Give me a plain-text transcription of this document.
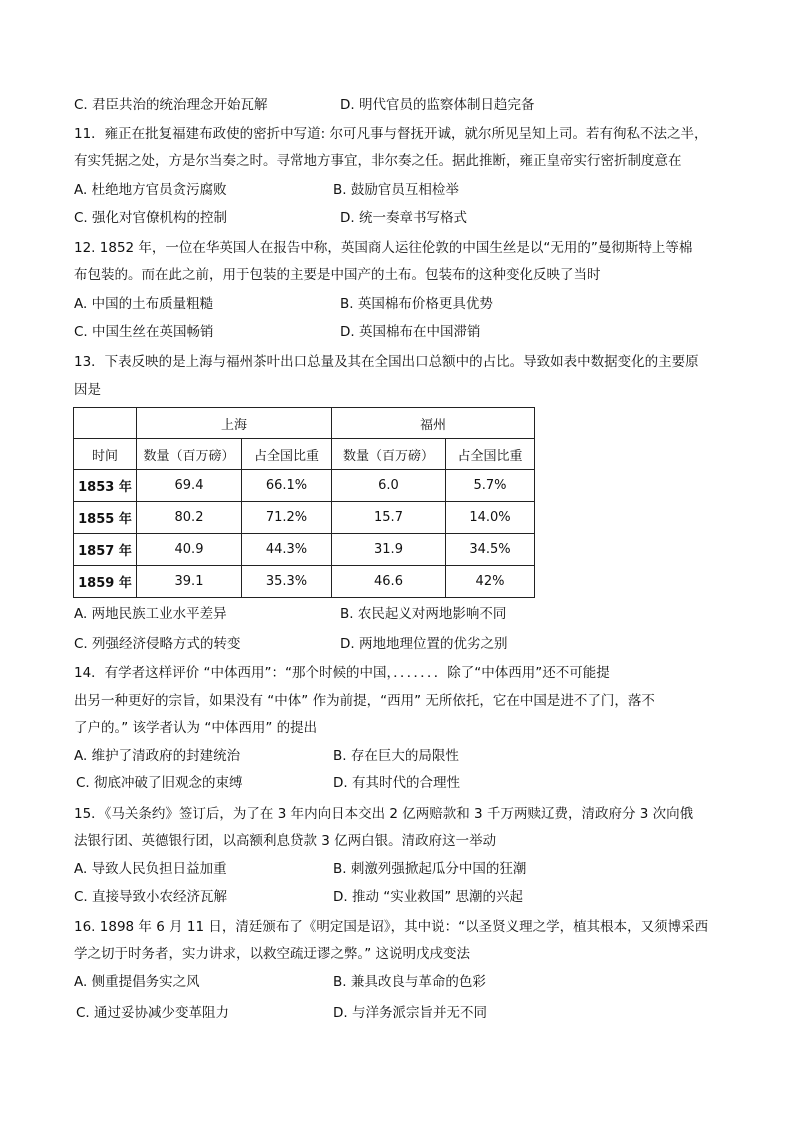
C. 君臣共治的统治理念开始瓦解	D. 明代官员的监察体制日趋完备
11．雍正在批复福建布政使的密折中写道: 尔可凡事与督抚开诚，就尔所见呈知上司。若有徇私不法之半，
有实凭据之处，方是尔当奏之时。寻常地方事宜，非尔奏之任。据此推断，雍正皇帝实行密折制度意在
A. 杜绝地方官员贪污腐败	B. 鼓励官员互相检举
C. 强化对官僚机构的控制	D. 统一奏章书写格式
12. 1852 年，一位在华英国人在报告中称，英国商人运往伦敦的中国生丝是以“无用的”曼彻斯特上等棉
布包装的。而在此之前，用于包装的主要是中国产的土布。包装布的这种变化反映了当时
A. 中国的土布质量粗糙	B. 英国棉布价格更具优势
C. 中国生丝在英国畅销	D. 英国棉布在中国滞销
13．下表反映的是上海与福州茶叶出口总量及其在全国出口总额中的占比。导致如表中数据变化的主要原
因是
	上海		福州	
时间	数量（百万磅）	占全国比重	数量（百万磅）	占全国比重
1853 年	69.4	66.1%	6.0	5.7%
1855 年	80.2	71.2%	15.7	14.0%
1857 年	40.9	44.3%	31.9	34.5%
1859 年	39.1	35.3%	46.6	42%
A. 两地民族工业水平差异	B. 农民起义对两地影响不同
C. 列强经济侵略方式的转变	D. 两地地理位置的优劣之别
14．有学者这样评价 “中体西用”：“那个时候的中国，．．．．．．．除了“中体西用”还不可能提
出另一种更好的宗旨，如果没有 “中体” 作为前提，“西用” 无所依托，它在中国是进不了门，落不
了户的。” 该学者认为 “中体西用” 的提出
A. 维护了清政府的封建统治	B. 存在巨大的局限性
C. 彻底冲破了旧观念的束缚	D. 有其时代的合理性
15．《马关条约》签订后，为了在 3 年内向日本交出 2 亿两赔款和 3 千万两赎辽费，清政府分 3 次向俄
法银行团、英德银行团，以高额利息贷款 3 亿两白银。清政府这一举动
A. 导致人民负担日益加重	B. 刺激列强掀起瓜分中国的狂潮
C. 直接导致小农经济瓦解	D. 推动 “实业救国” 思潮的兴起
16. 1898 年 6 月 11 日，清廷颁布了《明定国是诏》，其中说：“以圣贤义理之学，植其根本，又须博采西
学之切于时务者，实力讲求，以救空疏迂谬之弊。” 这说明戊戌变法
A. 侧重提倡务实之风	B. 兼具改良与革命的色彩
C. 通过妥协减少变革阻力	D. 与洋务派宗旨并无不同
